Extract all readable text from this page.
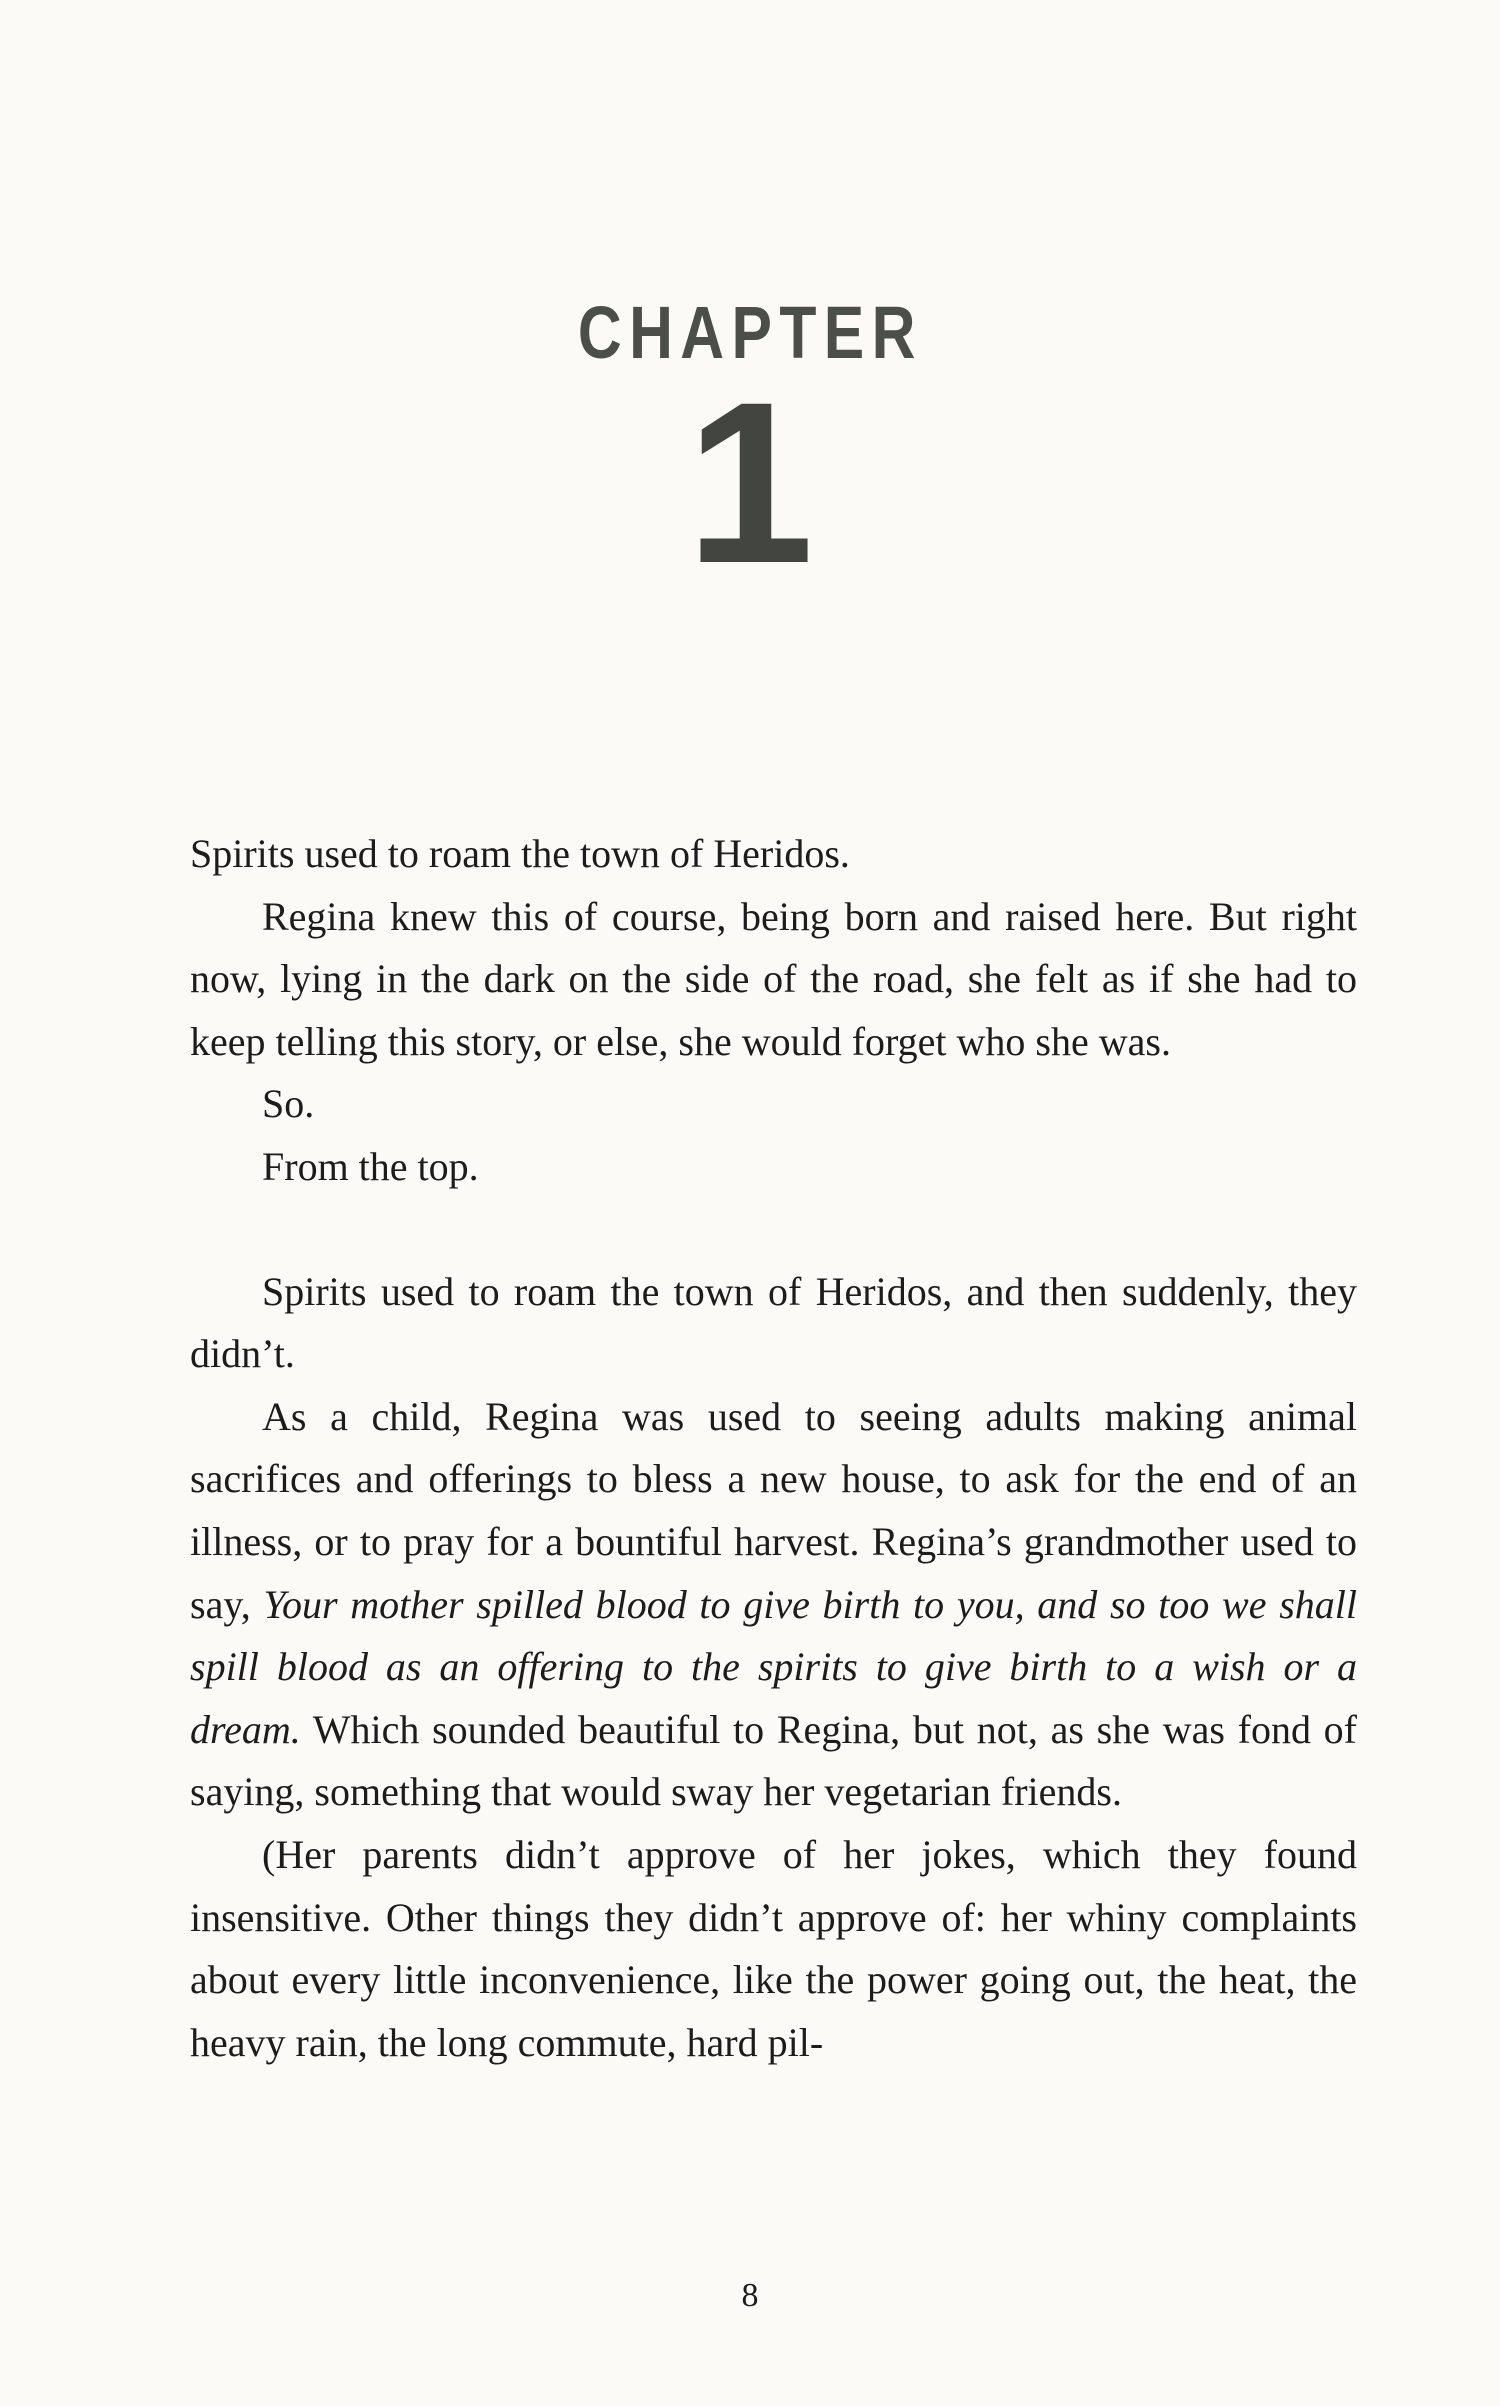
CHAPTER
1

Spirits used to roam the town of Heridos.

Regina knew this of course, being born and raised here. But right now, lying in the dark on the side of the road, she felt as if she had to keep telling this story, or else, she would forget who she was.

So.

From the top.

Spirits used to roam the town of Heridos, and then suddenly, they didn’t.

As a child, Regina was used to seeing adults making animal sacrifices and offerings to bless a new house, to ask for the end of an illness, or to pray for a bountiful harvest. Regina’s grandmother used to say, Your mother spilled blood to give birth to you, and so too we shall spill blood as an offering to the spirits to give birth to a wish or a dream. Which sounded beautiful to Regina, but not, as she was fond of saying, something that would sway her vegetarian friends.

(Her parents didn’t approve of her jokes, which they found insensitive. Other things they didn’t approve of: her whiny complaints about every little inconvenience, like the power going out, the heat, the heavy rain, the long commute, hard pil-

8
